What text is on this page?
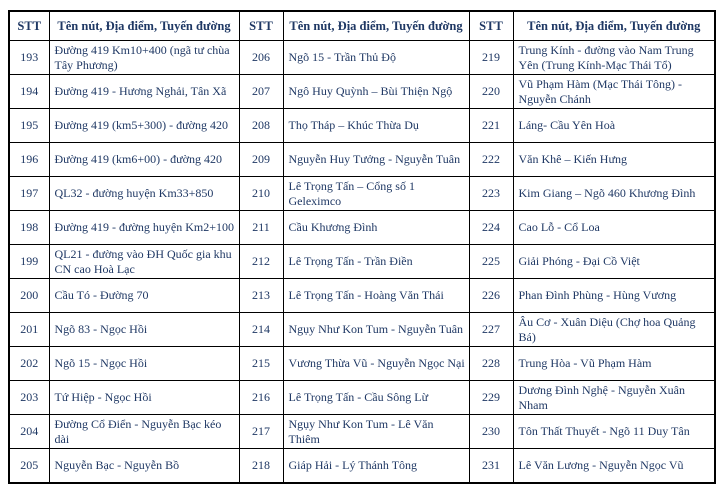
STT	Tên nút, Địa điểm, Tuyến đường	STT	Tên nút, Địa điểm, Tuyến đường	STT	Tên nút, Địa điểm, Tuyến đường
193	Đường 419 Km10+400 (ngã tư chùa Tây Phương)	206	Ngõ 15 - Trần Thủ Độ	219	Trung Kính - đường vào Nam Trung Yên (Trung Kính-Mạc Thái Tổ)
194	Đường 419 - Hương Nghải, Tân Xã	207	Ngô Huy Quỳnh – Bùi Thiện Ngộ	220	Vũ Phạm Hàm (Mạc Thái Tông) - Nguyễn Chánh
195	Đường 419 (km5+300) - đường 420	208	Thọ Tháp – Khúc Thừa Dụ	221	Láng- Cầu Yên Hoà
196	Đường 419 (km6+00) - đường 420	209	Nguyễn Huy Tưởng - Nguyễn Tuân	222	Văn Khê – Kiến Hưng
197	QL32 - đường huyện Km33+850	210	Lê Trọng Tấn – Cổng số 1 Geleximco	223	Kim Giang – Ngõ 460 Khương Đình
198	Đường 419 - đường huyện Km2+100	211	Cầu Khương Đình	224	Cao Lỗ - Cổ Loa
199	QL21 - đường vào ĐH Quốc gia khu CN cao Hoà Lạc	212	Lê Trọng Tấn - Trần Điền	225	Giải Phóng - Đại Cồ Việt
200	Cầu Tó - Đường 70	213	Lê Trọng Tấn - Hoàng Văn Thái	226	Phan Đình Phùng - Hùng Vương
201	Ngõ 83 - Ngọc Hồi	214	Ngụy Như Kon Tum - Nguyễn Tuân	227	Âu Cơ - Xuân Diệu (Chợ hoa Quảng Bá)
202	Ngõ 15 - Ngọc Hồi	215	Vương Thừa Vũ - Nguyễn Ngọc Nại	228	Trung Hòa - Vũ Phạm Hàm
203	Tứ Hiệp - Ngọc Hồi	216	Lê Trọng Tấn - Cầu Sông Lừ	229	Dương Đình Nghệ - Nguyễn Xuân Nham
204	Đường Cổ Điển - Nguyễn Bạc kéo dài	217	Ngụy Như Kon Tum - Lê Văn Thiêm	230	Tôn Thất Thuyết - Ngõ 11 Duy Tân
205	Nguyễn Bạc - Nguyễn Bồ	218	Giáp Hải - Lý Thánh Tông	231	Lê Văn Lương - Nguyễn Ngọc Vũ
